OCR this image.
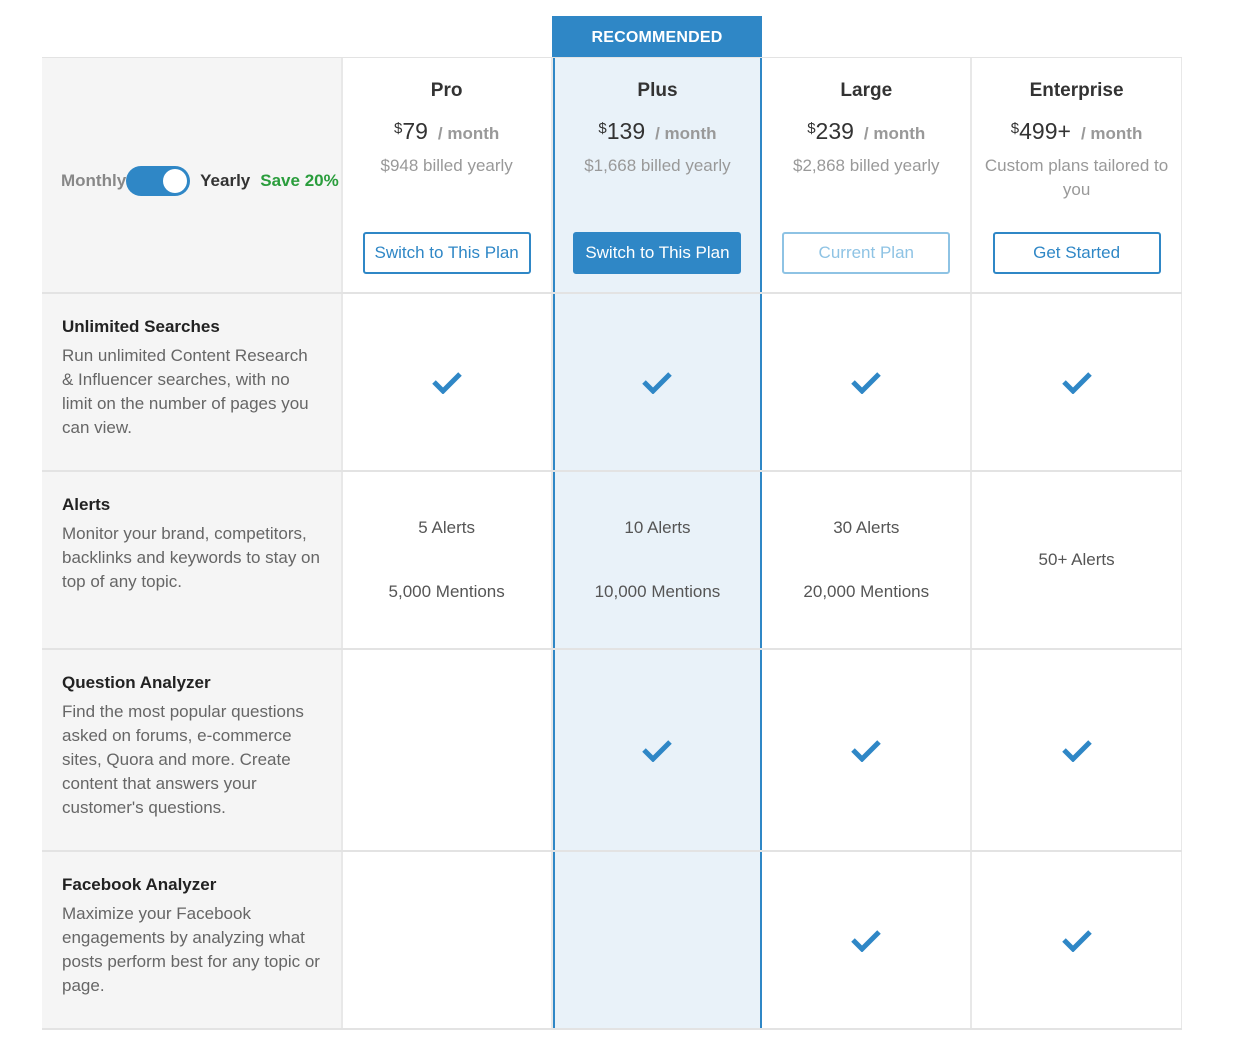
RECOMMENDED
Monthly	Yearly Save 20%
Pro
$ 79 / month
$948 billed yearly
Switch to This Plan
Plus
$ 139 / month
$1,668 billed yearly
Switch to This Plan
Large
$ 239 / month
$2,868 billed yearly
Current Plan
Enterprise
$ 499+ / month
Custom plans tailored to you
Get Started
Unlimited Searches
Run unlimited Content Research & Influencer searches, with no limit on the number of pages you can view.
Alerts
Monitor your brand, competitors, backlinks and keywords to stay on top of any topic.
5 Alerts
5,000 Mentions
10 Alerts
10,000 Mentions
30 Alerts
20,000 Mentions
50+ Alerts
Question Analyzer
Find the most popular questions asked on forums, e-commerce sites, Quora and more. Create content that answers your customer's questions.
Facebook Analyzer
Maximize your Facebook engagements by analyzing what posts perform best for any topic or page.
